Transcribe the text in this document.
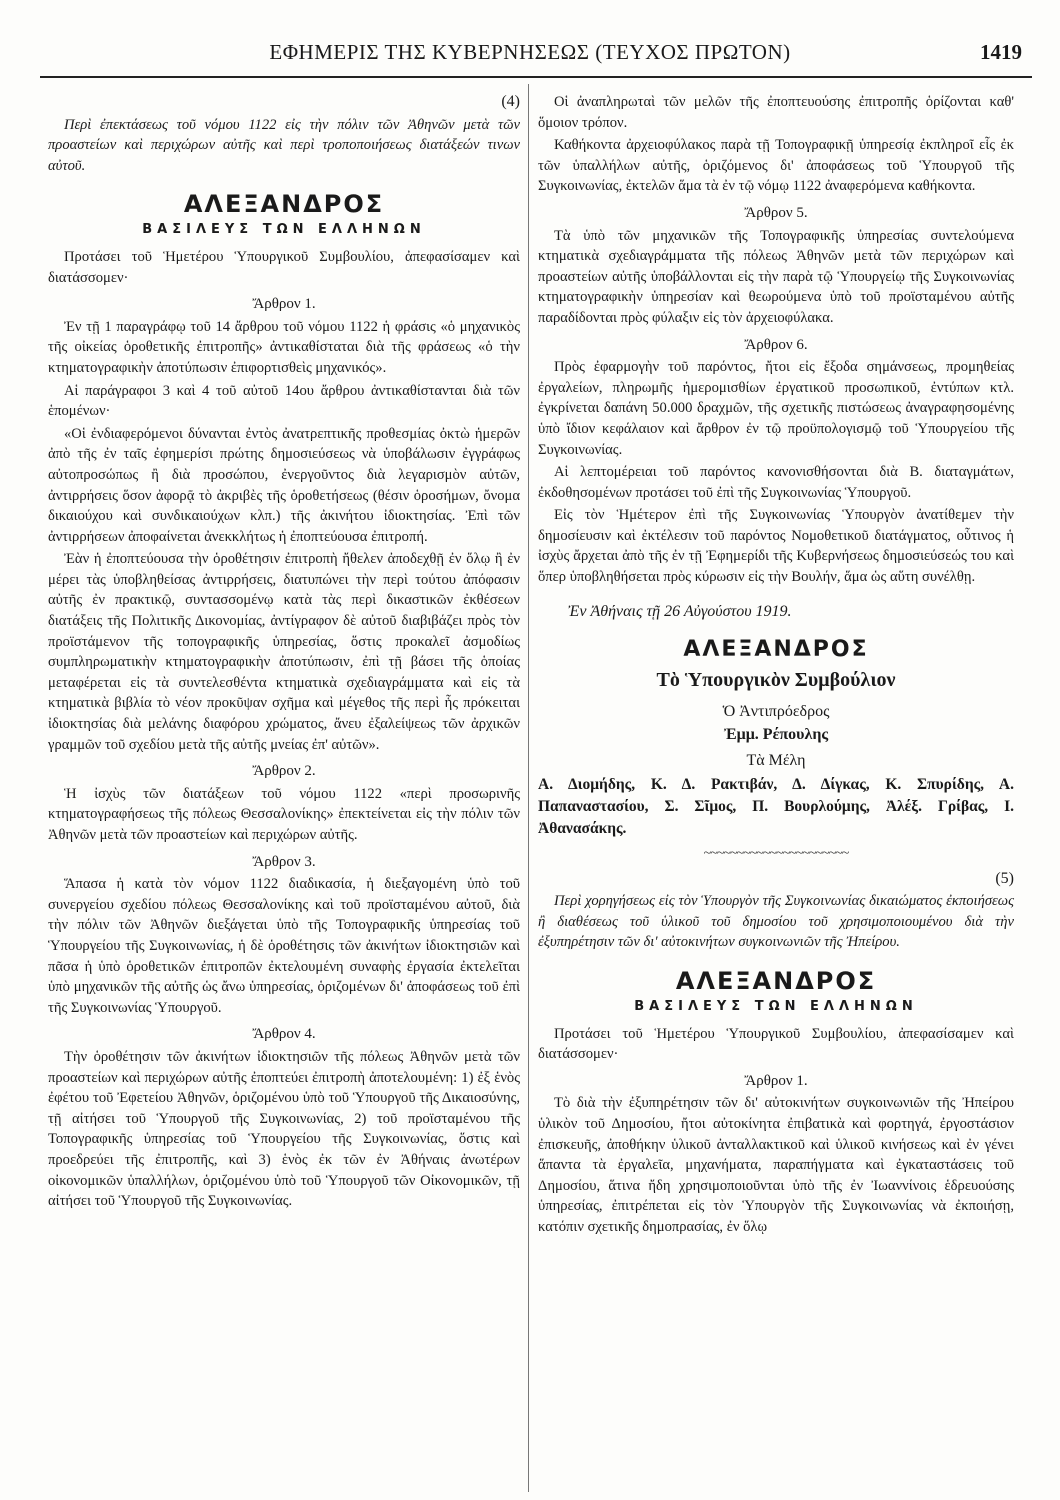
ΕΦΗΜΕΡΙΣ ΤΗΣ ΚΥΒΕΡΝΗΣΕΩΣ (ΤΕΥΧΟΣ ΠΡΩΤΟΝ)	1419

(4)

Περὶ ἐπεκτάσεως τοῦ νόμου 1122 εἰς τὴν πόλιν τῶν Ἀθηνῶν μετὰ τῶν προαστείων καὶ περιχώρων αὐτῆς καὶ περὶ τροποποιήσεως διατάξεών τινων αὐτοῦ.

ΑΛΕΞΑΝΔΡΟΣ

ΒΑΣΙΛΕΥΣ ΤΩΝ ΕΛΛΗΝΩΝ

Προτάσει τοῦ Ἡμετέρου Ὑπουργικοῦ Συμβουλίου, ἀπεφασίσαμεν καὶ διατάσσομεν·

Ἄρθρον 1.

Ἐν τῇ 1 παραγράφῳ τοῦ 14 ἄρθρου τοῦ νόμου 1122 ἡ φράσις «ὁ μηχανικὸς τῆς οἰκείας ὁροθετικῆς ἐπιτροπῆς» ἀντικαθίσταται διὰ τῆς φράσεως «ὁ τὴν κτηματογραφικὴν ἀποτύπωσιν ἐπιφορτισθεὶς μηχανικός».

Αἱ παράγραφοι 3 καὶ 4 τοῦ αὐτοῦ 14ου ἄρθρου ἀντικαθίστανται διὰ τῶν ἑπομένων·

«Οἱ ἐνδιαφερόμενοι δύνανται ἐντὸς ἀνατρεπτικῆς προθεσμίας ὀκτὼ ἡμερῶν ἀπὸ τῆς ἐν ταῖς ἐφημερίσι πρώτης δημοσιεύσεως νὰ ὑποβάλωσιν ἐγγράφως αὐτοπροσώπως ἢ διὰ προσώπου, ἐνεργοῦντος διὰ λεγαρισμὸν αὐτῶν, ἀντιρρήσεις ὅσον ἀφορᾷ τὸ ἀκριβὲς τῆς ὁροθετήσεως (θέσιν ὁροσήμων, ὄνομα δικαιούχου καὶ συνδικαιούχων κλπ.) τῆς ἀκινήτου ἰδιοκτησίας. Ἐπὶ τῶν ἀντιρρήσεων ἀποφαίνεται ἀνεκκλήτως ἡ ἐποπτεύουσα ἐπιτροπή.

Ἐὰν ἡ ἐποπτεύουσα τὴν ὁροθέτησιν ἐπιτροπὴ ἤθελεν ἀποδεχθῇ ἐν ὅλῳ ἢ ἐν μέρει τὰς ὑποβληθείσας ἀντιρρήσεις, διατυπώνει τὴν περὶ τούτου ἀπόφασιν αὐτῆς ἐν πρακτικῷ, συντασσομένῳ κατὰ τὰς περὶ δικαστικῶν ἐκθέσεων διατάξεις τῆς Πολιτικῆς Δικονομίας, ἀντίγραφον δὲ αὐτοῦ διαβιβάζει πρὸς τὸν προϊστάμενον τῆς τοπογραφικῆς ὑπηρεσίας, ὅστις προκαλεῖ ἀσμοδίως συμπληρωματικὴν κτηματογραφικὴν ἀποτύπωσιν, ἐπὶ τῇ βάσει τῆς ὁποίας μεταφέρεται εἰς τὰ συντελεσθέντα κτηματικὰ σχεδιαγράμματα καὶ εἰς τὰ κτηματικὰ βιβλία τὸ νέον προκῦψαν σχῆμα καὶ μέγεθος τῆς περὶ ἧς πρόκειται ἰδιοκτησίας διὰ μελάνης διαφόρου χρώματος, ἄνευ ἐξαλείψεως τῶν ἀρχικῶν γραμμῶν τοῦ σχεδίου μετὰ τῆς αὐτῆς μνείας ἐπ' αὐτῶν».

Ἄρθρον 2.

Ἡ ἰσχὺς τῶν διατάξεων τοῦ νόμου 1122 «περὶ προσωρινῆς κτηματογραφήσεως τῆς πόλεως Θεσσαλονίκης» ἐπεκτείνεται εἰς τὴν πόλιν τῶν Ἀθηνῶν μετὰ τῶν προαστείων καὶ περιχώρων αὐτῆς.

Ἄρθρον 3.

Ἅπασα ἡ κατὰ τὸν νόμον 1122 διαδικασία, ἡ διεξαγομένη ὑπὸ τοῦ συνεργείου σχεδίου πόλεως Θεσσαλονίκης καὶ τοῦ προϊσταμένου αὐτοῦ, διὰ τὴν πόλιν τῶν Ἀθηνῶν διεξάγεται ὑπὸ τῆς Τοπογραφικῆς ὑπηρεσίας τοῦ Ὑπουργείου τῆς Συγκοινωνίας, ἡ δὲ ὁροθέτησις τῶν ἀκινήτων ἰδιοκτησιῶν καὶ πᾶσα ἡ ὑπὸ ὁροθετικῶν ἐπιτροπῶν ἐκτελουμένη συναφὴς ἐργασία ἐκτελεῖται ὑπὸ μηχανικῶν τῆς αὐτῆς ὡς ἄνω ὑπηρεσίας, ὁριζομένων δι' ἀποφάσεως τοῦ ἐπὶ τῆς Συγκοινωνίας Ὑπουργοῦ.

Ἄρθρον 4.

Τὴν ὁροθέτησιν τῶν ἀκινήτων ἰδιοκτησιῶν τῆς πόλεως Ἀθηνῶν μετὰ τῶν προαστείων καὶ περιχώρων αὐτῆς ἐποπτεύει ἐπιτροπὴ ἀποτελουμένη: 1) ἐξ ἑνὸς ἐφέτου τοῦ Ἐφετείου Ἀθηνῶν, ὁριζομένου ὑπὸ τοῦ Ὑπουργοῦ τῆς Δικαιοσύνης, τῇ αἰτήσει τοῦ Ὑπουργοῦ τῆς Συγκοινωνίας, 2) τοῦ προϊσταμένου τῆς Τοπογραφικῆς ὑπηρεσίας τοῦ Ὑπουργείου τῆς Συγκοινωνίας, ὅστις καὶ προεδρεύει τῆς ἐπιτροπῆς, καὶ 3) ἑνὸς ἐκ τῶν ἐν Ἀθήναις ἀνωτέρων οἰκονομικῶν ὑπαλλήλων, ὁριζομένου ὑπὸ τοῦ Ὑπουργοῦ τῶν Οἰκονομικῶν, τῇ αἰτήσει τοῦ Ὑπουργοῦ τῆς Συγκοινωνίας.

Οἱ ἀναπληρωταὶ τῶν μελῶν τῆς ἐποπτευούσης ἐπιτροπῆς ὁρίζονται καθ' ὅμοιον τρόπον.

Καθήκοντα ἀρχειοφύλακος παρὰ τῇ Τοπογραφικῇ ὑπηρεσίᾳ ἐκπληροῖ εἷς ἐκ τῶν ὑπαλλήλων αὐτῆς, ὁριζόμενος δι' ἀποφάσεως τοῦ Ὑπουργοῦ τῆς Συγκοινωνίας, ἐκτελῶν ἅμα τὰ ἐν τῷ νόμῳ 1122 ἀναφερόμενα καθήκοντα.

Ἄρθρον 5.

Τὰ ὑπὸ τῶν μηχανικῶν τῆς Τοπογραφικῆς ὑπηρεσίας συντελούμενα κτηματικὰ σχεδιαγράμματα τῆς πόλεως Ἀθηνῶν μετὰ τῶν περιχώρων καὶ προαστείων αὐτῆς ὑποβάλλονται εἰς τὴν παρὰ τῷ Ὑπουργείῳ τῆς Συγκοινωνίας κτηματογραφικὴν ὑπηρεσίαν καὶ θεωρούμενα ὑπὸ τοῦ προϊσταμένου αὐτῆς παραδίδονται πρὸς φύλαξιν εἰς τὸν ἀρχειοφύλακα.

Ἄρθρον 6.

Πρὸς ἐφαρμογὴν τοῦ παρόντος, ἤτοι εἰς ἔξοδα σημάνσεως, προμηθείας ἐργαλείων, πληρωμῆς ἡμερομισθίων ἐργατικοῦ προσωπικοῦ, ἐντύπων κτλ. ἐγκρίνεται δαπάνη 50.000 δραχμῶν, τῆς σχετικῆς πιστώσεως ἀναγραφησομένης ὑπὸ ἴδιον κεφάλαιον καὶ ἄρθρον ἐν τῷ προϋπολογισμῷ τοῦ Ὑπουργείου τῆς Συγκοινωνίας.

Αἱ λεπτομέρειαι τοῦ παρόντος κανονισθήσονται διὰ Β. διαταγμάτων, ἐκδοθησομένων προτάσει τοῦ ἐπὶ τῆς Συγκοινωνίας Ὑπουργοῦ.

Εἰς τὸν Ἡμέτερον ἐπὶ τῆς Συγκοινωνίας Ὑπουργὸν ἀνατίθεμεν τὴν δημοσίευσιν καὶ ἐκτέλεσιν τοῦ παρόντος Νομοθετικοῦ διατάγματος, οὗτινος ἡ ἰσχὺς ἄρχεται ἀπὸ τῆς ἐν τῇ Ἐφημερίδι τῆς Κυβερνήσεως δημοσιεύσεώς του καὶ ὅπερ ὑποβληθήσεται πρὸς κύρωσιν εἰς τὴν Βουλήν, ἅμα ὡς αὕτη συνέλθῃ.

Ἐν Ἀθήναις τῇ 26 Αὐγούστου 1919.

ΑΛΕΞΑΝΔΡΟΣ

Τὸ Ὑπουργικὸν Συμβούλιον

Ὁ Ἀντιπρόεδρος

Ἐμμ. Ρέπουλης

Τὰ Μέλη

Α. Διομήδης, Κ. Δ. Ρακτιβάν, Δ. Δίγκας, Κ. Σπυρίδης, Α. Παπαναστασίου, Σ. Σῖμος, Π. Βουρλούμης, Ἀλέξ. Γρίβας, Ι. Ἀθανασάκης.

~~~~~~~~~~~~~~~~~~~~~~

(5)

Περὶ χορηγήσεως εἰς τὸν Ὑπουργὸν τῆς Συγκοινωνίας δικαιώματος ἐκποιήσεως ἢ διαθέσεως τοῦ ὑλικοῦ τοῦ δημοσίου τοῦ χρησιμοποιουμένου διὰ τὴν ἐξυπηρέτησιν τῶν δι' αὐτοκινήτων συγκοινωνιῶν τῆς Ἠπείρου.

ΑΛΕΞΑΝΔΡΟΣ

ΒΑΣΙΛΕΥΣ ΤΩΝ ΕΛΛΗΝΩΝ

Προτάσει τοῦ Ἡμετέρου Ὑπουργικοῦ Συμβουλίου, ἀπεφασίσαμεν καὶ διατάσσομεν·

Ἄρθρον 1.

Τὸ διὰ τὴν ἐξυπηρέτησιν τῶν δι' αὐτοκινήτων συγκοινωνιῶν τῆς Ἠπείρου ὑλικὸν τοῦ Δημοσίου, ἤτοι αὐτοκίνητα ἐπιβατικὰ καὶ φορτηγά, ἐργοστάσιον ἐπισκευῆς, ἀποθήκην ὑλικοῦ ἀνταλλακτικοῦ καὶ ὑλικοῦ κινήσεως καὶ ἐν γένει ἅπαντα τὰ ἐργαλεῖα, μηχανήματα, παραπήγματα καὶ ἐγκαταστάσεις τοῦ Δημοσίου, ἅτινα ἤδη χρησιμοποιοῦνται ὑπὸ τῆς ἐν Ἰωαννίνοις ἑδρευούσης ὑπηρεσίας, ἐπιτρέπεται εἰς τὸν Ὑπουργὸν τῆς Συγκοινωνίας νὰ ἐκποιήσῃ, κατόπιν σχετικῆς δημοπρασίας, ἐν ὅλῳ
